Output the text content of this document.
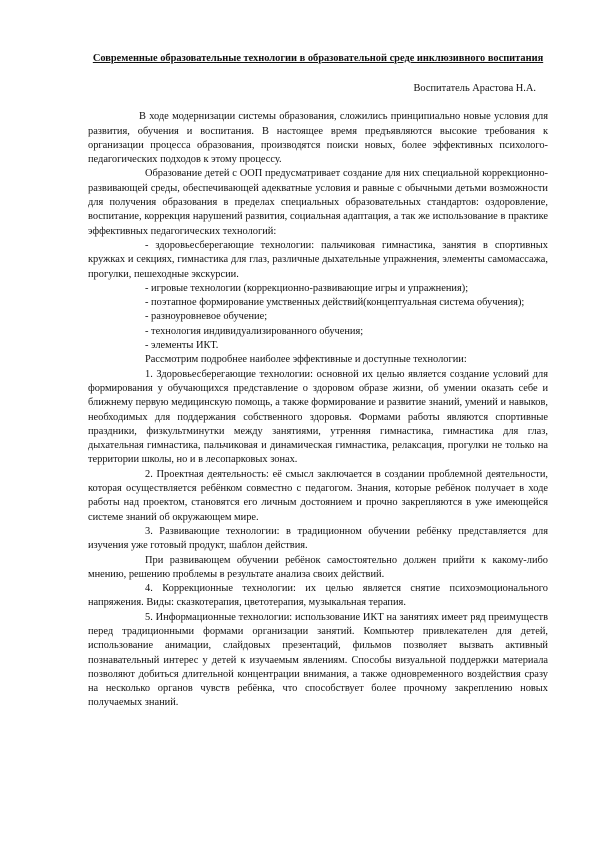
Современные образовательные технологии в образовательной среде инклюзивного воспитания

Воспитатель Арастова Н.А.

В ходе модернизации системы образования, сложились принципиально новые условия для развития, обучения и воспитания. В настоящее время предъявляются высокие требования к организации процесса образования, производятся поиски новых, более эффективных психолого-педагогических подходов к этому процессу.

Образование детей с ООП предусматривает создание для них специальной коррекционно-развивающей среды, обеспечивающей адекватные условия и равные с обычными детьми возможности для получения образования в пределах специальных образовательных стандартов: оздоровление, воспитание, коррекция нарушений развития, социальная адаптация, а так же использование в практике эффективных педагогических технологий:

- здоровьесберегающие технологии: пальчиковая гимнастика, занятия в спортивных кружках и секциях, гимнастика для глаз, различные дыхательные упражнения, элементы самомассажа, прогулки, пешеходные экскурсии.

- игровые технологии (коррекционно-развивающие игры и упражнения);

- поэтапное формирование умственных действий(концептуальная система обучения);

- разноуровневое обучение;

- технология индивидуализированного обучения;

- элементы ИКТ.

Рассмотрим подробнее наиболее эффективные и доступные технологии:

1. Здоровьесберегающие технологии: основной их целью является создание условий для формирования у обучающихся представление о здоровом образе жизни, об умении оказать себе и ближнему первую медицинскую помощь, а также формирование и развитие знаний, умений и навыков, необходимых для поддержания собственного здоровья. Формами работы являются спортивные праздники, физкультминутки между занятиями, утренняя гимнастика, гимнастика для глаз, дыхательная гимнастика, пальчиковая и динамическая гимнастика, релаксация, прогулки не только на территории школы, но и в лесопарковых зонах.

2. Проектная деятельность: её смысл заключается в создании проблемной деятельности, которая осуществляется ребёнком совместно с педагогом. Знания, которые ребёнок получает в ходе работы над проектом, становятся его личным достоянием и прочно закрепляются в уже имеющейся системе знаний об окружающем мире.

3. Развивающие технологии: в традиционном обучении ребёнку представляется для изучения уже готовый продукт, шаблон действия.

При развивающем обучении ребёнок самостоятельно должен прийти к какому-либо мнению, решению проблемы в результате анализа своих действий.

4. Коррекционные технологии: их целью является снятие психоэмоционального напряжения. Виды: сказкотерапия, цветотерапия, музыкальная терапия.

5. Информационные технологии: использование ИКТ на занятиях имеет ряд преимуществ перед традиционными формами организации занятий. Компьютер привлекателен для детей, использование анимации, слайдовых презентаций, фильмов позволяет вызвать активный познавательный интерес у детей к изучаемым явлениям. Способы визуальной поддержки материала позволяют добиться длительной концентрации внимания, а также одновременного воздействия сразу на несколько органов чувств ребёнка, что способствует более прочному закреплению новых получаемых знаний.
